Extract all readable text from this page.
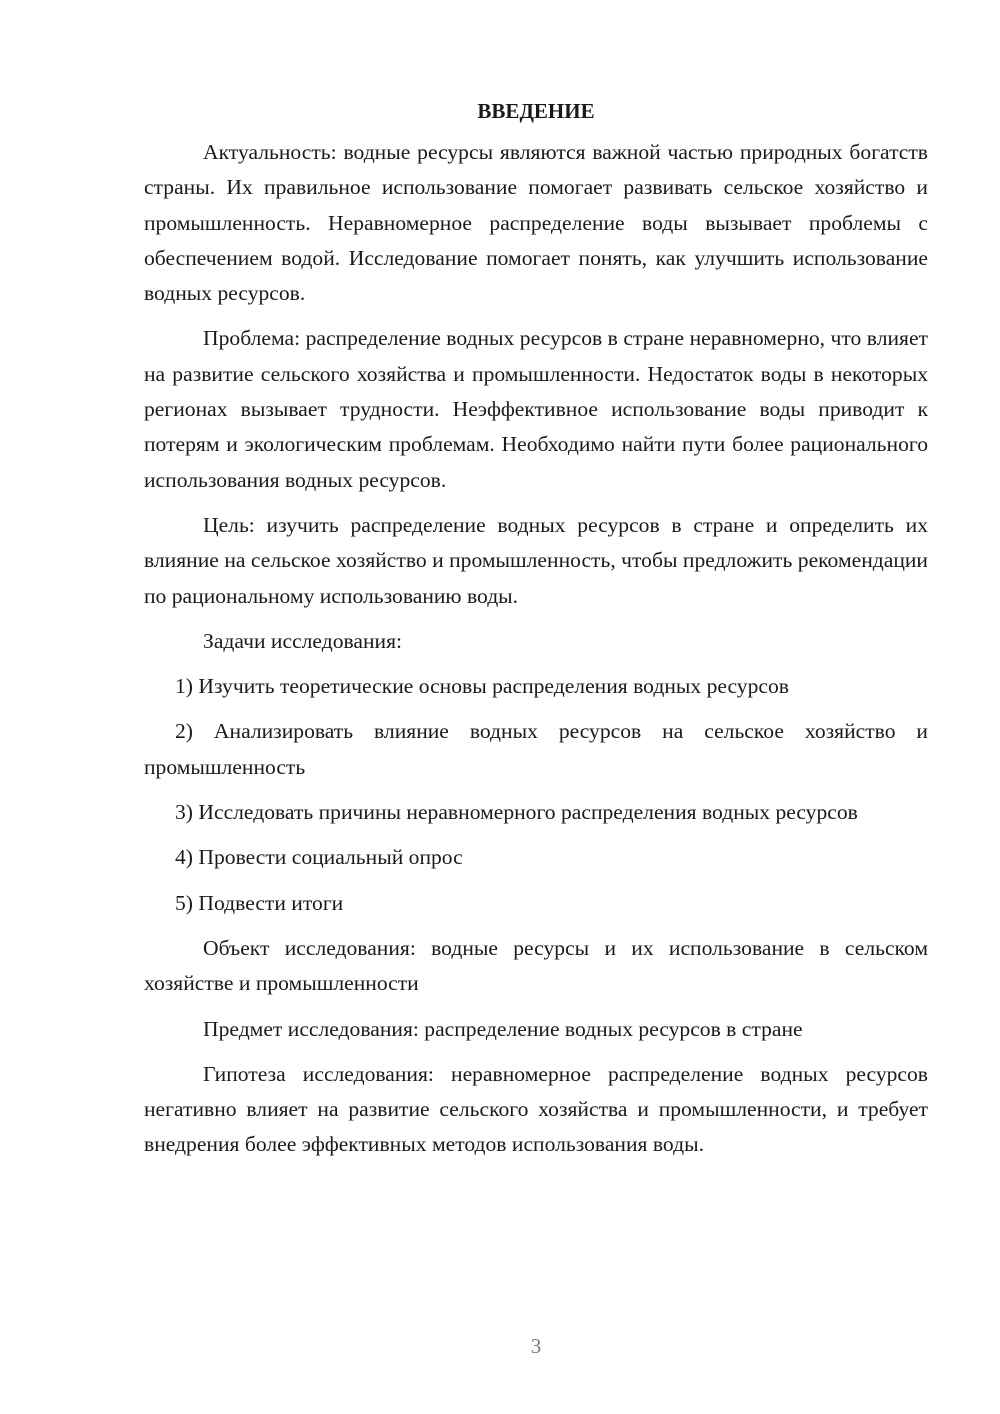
ВВЕДЕНИЕ

Актуальность: водные ресурсы являются важной частью природных богатств страны. Их правильное использование помогает развивать сельское хозяйство и промышленность. Неравномерное распределение воды вызывает проблемы с обеспечением водой. Исследование помогает понять, как улучшить использование водных ресурсов.

Проблема: распределение водных ресурсов в стране неравномерно, что влияет на развитие сельского хозяйства и промышленности. Недостаток воды в некоторых регионах вызывает трудности. Неэффективное использование воды приводит к потерям и экологическим проблемам. Необходимо найти пути более рационального использования водных ресурсов.

Цель: изучить распределение водных ресурсов в стране и определить их влияние на сельское хозяйство и промышленность, чтобы предложить рекомендации по рациональному использованию воды.

Задачи исследования:

1) Изучить теоретические основы распределения водных ресурсов

2) Анализировать влияние водных ресурсов на сельское хозяйство и промышленность

3) Исследовать причины неравномерного распределения водных ресурсов

4) Провести социальный опрос

5) Подвести итоги

Объект исследования: водные ресурсы и их использование в сельском хозяйстве и промышленности

Предмет исследования: распределение водных ресурсов в стране

Гипотеза исследования: неравномерное распределение водных ресурсов негативно влияет на развитие сельского хозяйства и промышленности, и требует внедрения более эффективных методов использования воды.

3
